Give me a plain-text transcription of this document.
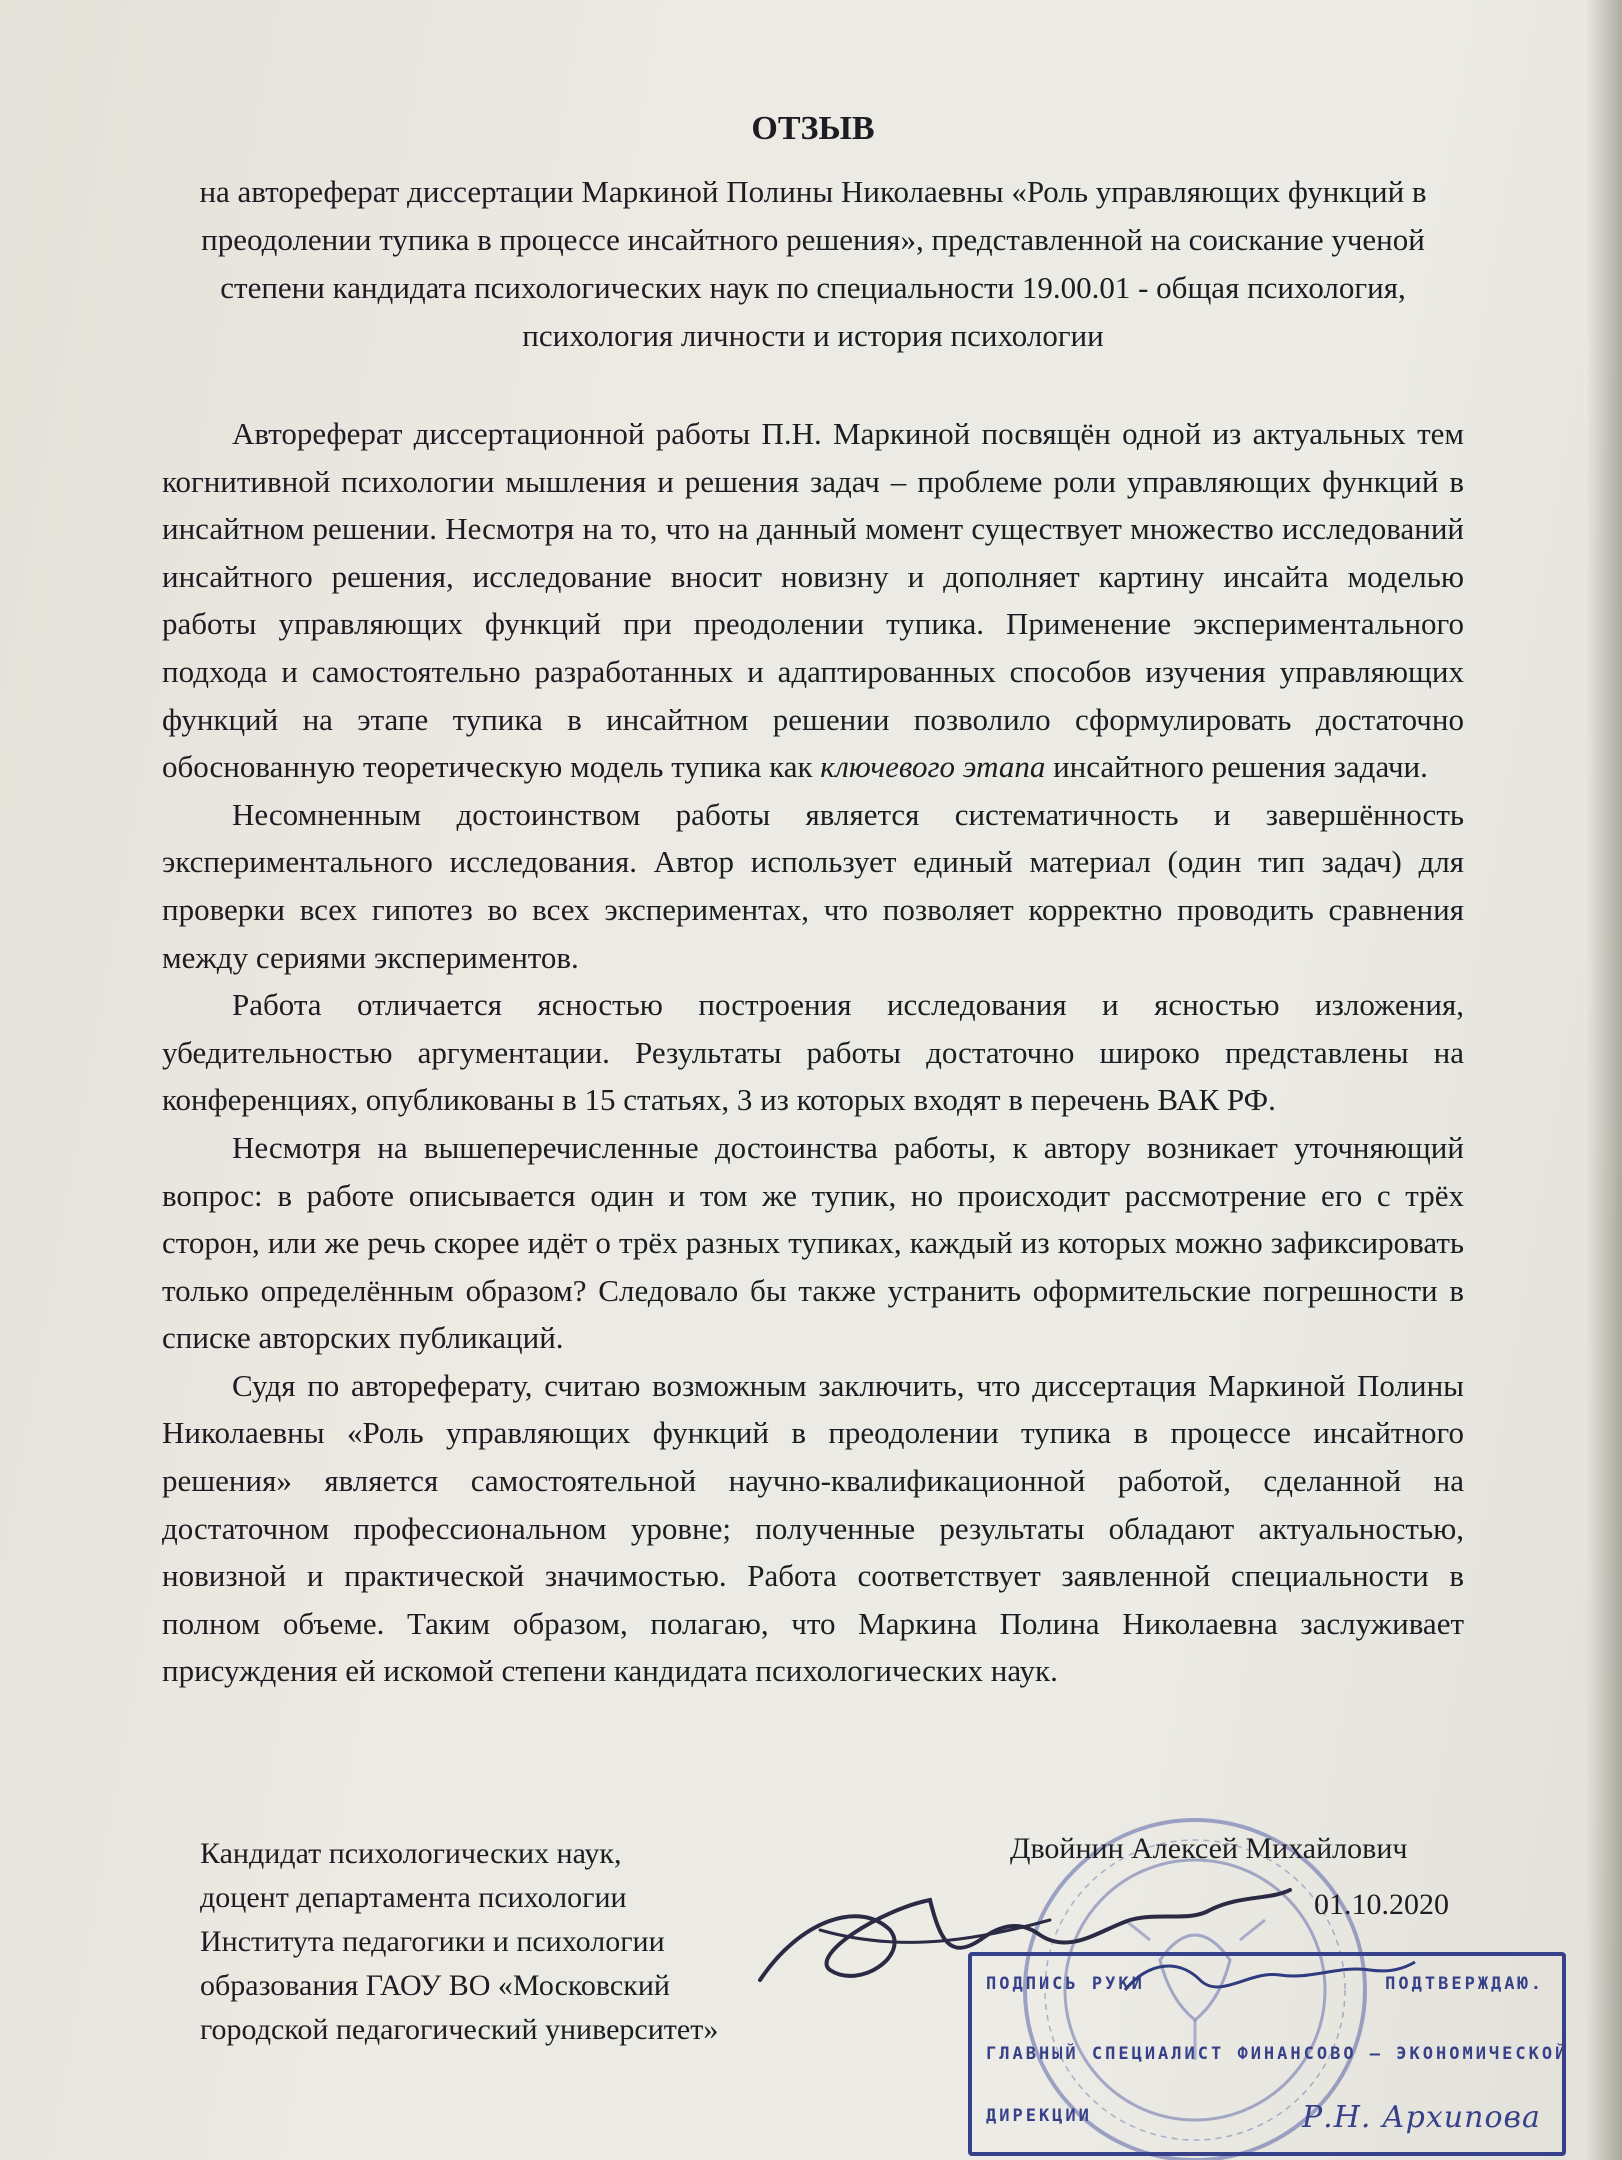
ОТЗЫВ
на автореферат диссертации Маркиной Полины Николаевны «Роль управляющих функций в преодолении тупика в процессе инсайтного решения», представленной на соискание ученой степени кандидата психологических наук по специальности 19.00.01 - общая психология, психология личности и история психологии

Автореферат диссертационной работы П.Н. Маркиной посвящён одной из актуальных тем когнитивной психологии мышления и решения задач – проблеме роли управляющих функций в инсайтном решении. Несмотря на то, что на данный момент существует множество исследований инсайтного решения, исследование вносит новизну и дополняет картину инсайта моделью работы управляющих функций при преодолении тупика. Применение экспериментального подхода и самостоятельно разработанных и адаптированных способов изучения управляющих функций на этапе тупика в инсайтном решении позволило сформулировать достаточно обоснованную теоретическую модель тупика как ключевого этапа инсайтного решения задачи.

Несомненным достоинством работы является систематичность и завершённость экспериментального исследования. Автор использует единый материал (один тип задач) для проверки всех гипотез во всех экспериментах, что позволяет корректно проводить сравнения между сериями экспериментов.

Работа отличается ясностью построения исследования и ясностью изложения, убедительностью аргументации. Результаты работы достаточно широко представлены на конференциях, опубликованы в 15 статьях, 3 из которых входят в перечень ВАК РФ.

Несмотря на вышеперечисленные достоинства работы, к автору возникает уточняющий вопрос: в работе описывается один и том же тупик, но происходит рассмотрение его с трёх сторон, или же речь скорее идёт о трёх разных тупиках, каждый из которых можно зафиксировать только определённым образом? Следовало бы также устранить оформительские погрешности в списке авторских публикаций.

Судя по автореферату, считаю возможным заключить, что диссертация Маркиной Полины Николаевны «Роль управляющих функций в преодолении тупика в процессе инсайтного решения» является самостоятельной научно-квалификационной работой, сделанной на достаточном профессиональном уровне; полученные результаты обладают актуальностью, новизной и практической значимостью. Работа соответствует заявленной специальности в полном объеме. Таким образом, полагаю, что Маркина Полина Николаевна заслуживает присуждения ей искомой степени кандидата психологических наук.

Кандидат психологических наук,
доцент департамента психологии
Института педагогики и психологии
образования ГАОУ ВО «Московский
городской педагогический университет»
Двойнин Алексей Михайлович
01.10.2020
ПОДПИСЬ РУКИ	ПОДТВЕРЖДАЮ.
ГЛАВНЫЙ СПЕЦИАЛИСТ ФИНАНСОВО – ЭКОНОМИЧЕСКОЙ
ДИРЕКЦИИ	Р.Н. Архипова
